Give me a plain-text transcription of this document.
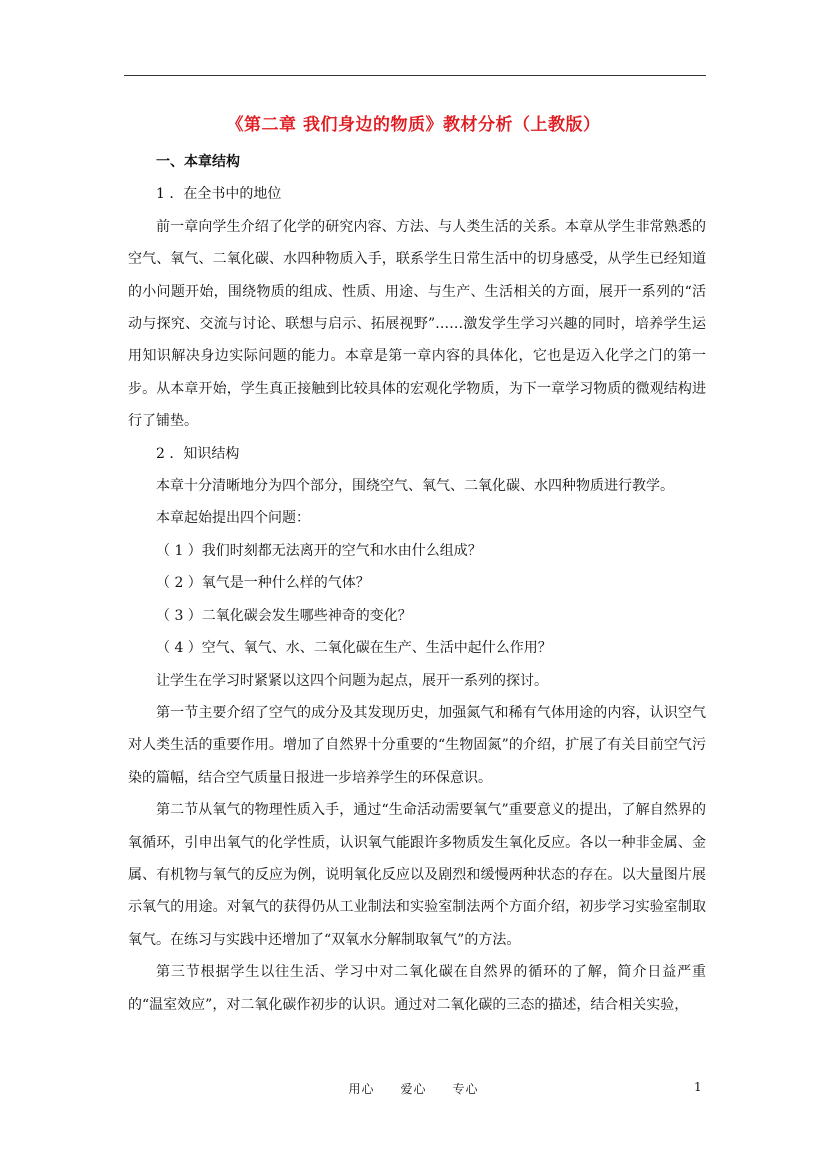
《第二章 我们身边的物质》教材分析（上教版）

一、本章结构

1 ．在全书中的地位

前一章向学生介绍了化学的研究内容、方法、与人类生活的关系。本章从学生非常熟悉的空气、氧气、二氧化碳、水四种物质入手，联系学生日常生活中的切身感受，从学生已经知道的小问题开始，围绕物质的组成、性质、用途、与生产、生活相关的方面，展开一系列的“活动与探究、交流与讨论、联想与启示、拓展视野”……激发学生学习兴趣的同时，培养学生运用知识解决身边实际问题的能力。本章是第一章内容的具体化，它也是迈入化学之门的第一步。从本章开始，学生真正接触到比较具体的宏观化学物质，为下一章学习物质的微观结构进行了铺垫。

2 ．知识结构

本章十分清晰地分为四个部分，围绕空气、氧气、二氧化碳、水四种物质进行教学。

本章起始提出四个问题：

（ 1 ）我们时刻都无法离开的空气和水由什么组成？

（ 2 ）氧气是一种什么样的气体？

（ 3 ）二氧化碳会发生哪些神奇的变化？

（ 4 ）空气、氧气、水、二氧化碳在生产、生活中起什么作用？

让学生在学习时紧紧以这四个问题为起点，展开一系列的探讨。

第一节主要介绍了空气的成分及其发现历史，加强氮气和稀有气体用途的内容，认识空气对人类生活的重要作用。增加了自然界十分重要的“生物固氮”的介绍，扩展了有关目前空气污染的篇幅，结合空气质量日报进一步培养学生的环保意识。

第二节从氧气的物理性质入手，通过“生命活动需要氧气”重要意义的提出，了解自然界的氧循环，引申出氧气的化学性质，认识氧气能跟许多物质发生氧化反应。各以一种非金属、金属、有机物与氧气的反应为例，说明氧化反应以及剧烈和缓慢两种状态的存在。以大量图片展示氧气的用途。对氧气的获得仍从工业制法和实验室制法两个方面介绍，初步学习实验室制取氧气。在练习与实践中还增加了“双氧水分解制取氧气”的方法。

第三节根据学生以往生活、学习中对二氧化碳在自然界的循环的了解，简介日益严重的“温室效应”，对二氧化碳作初步的认识。通过对二氧化碳的三态的描述，结合相关实验，

用心　　爱心　　专心	1
